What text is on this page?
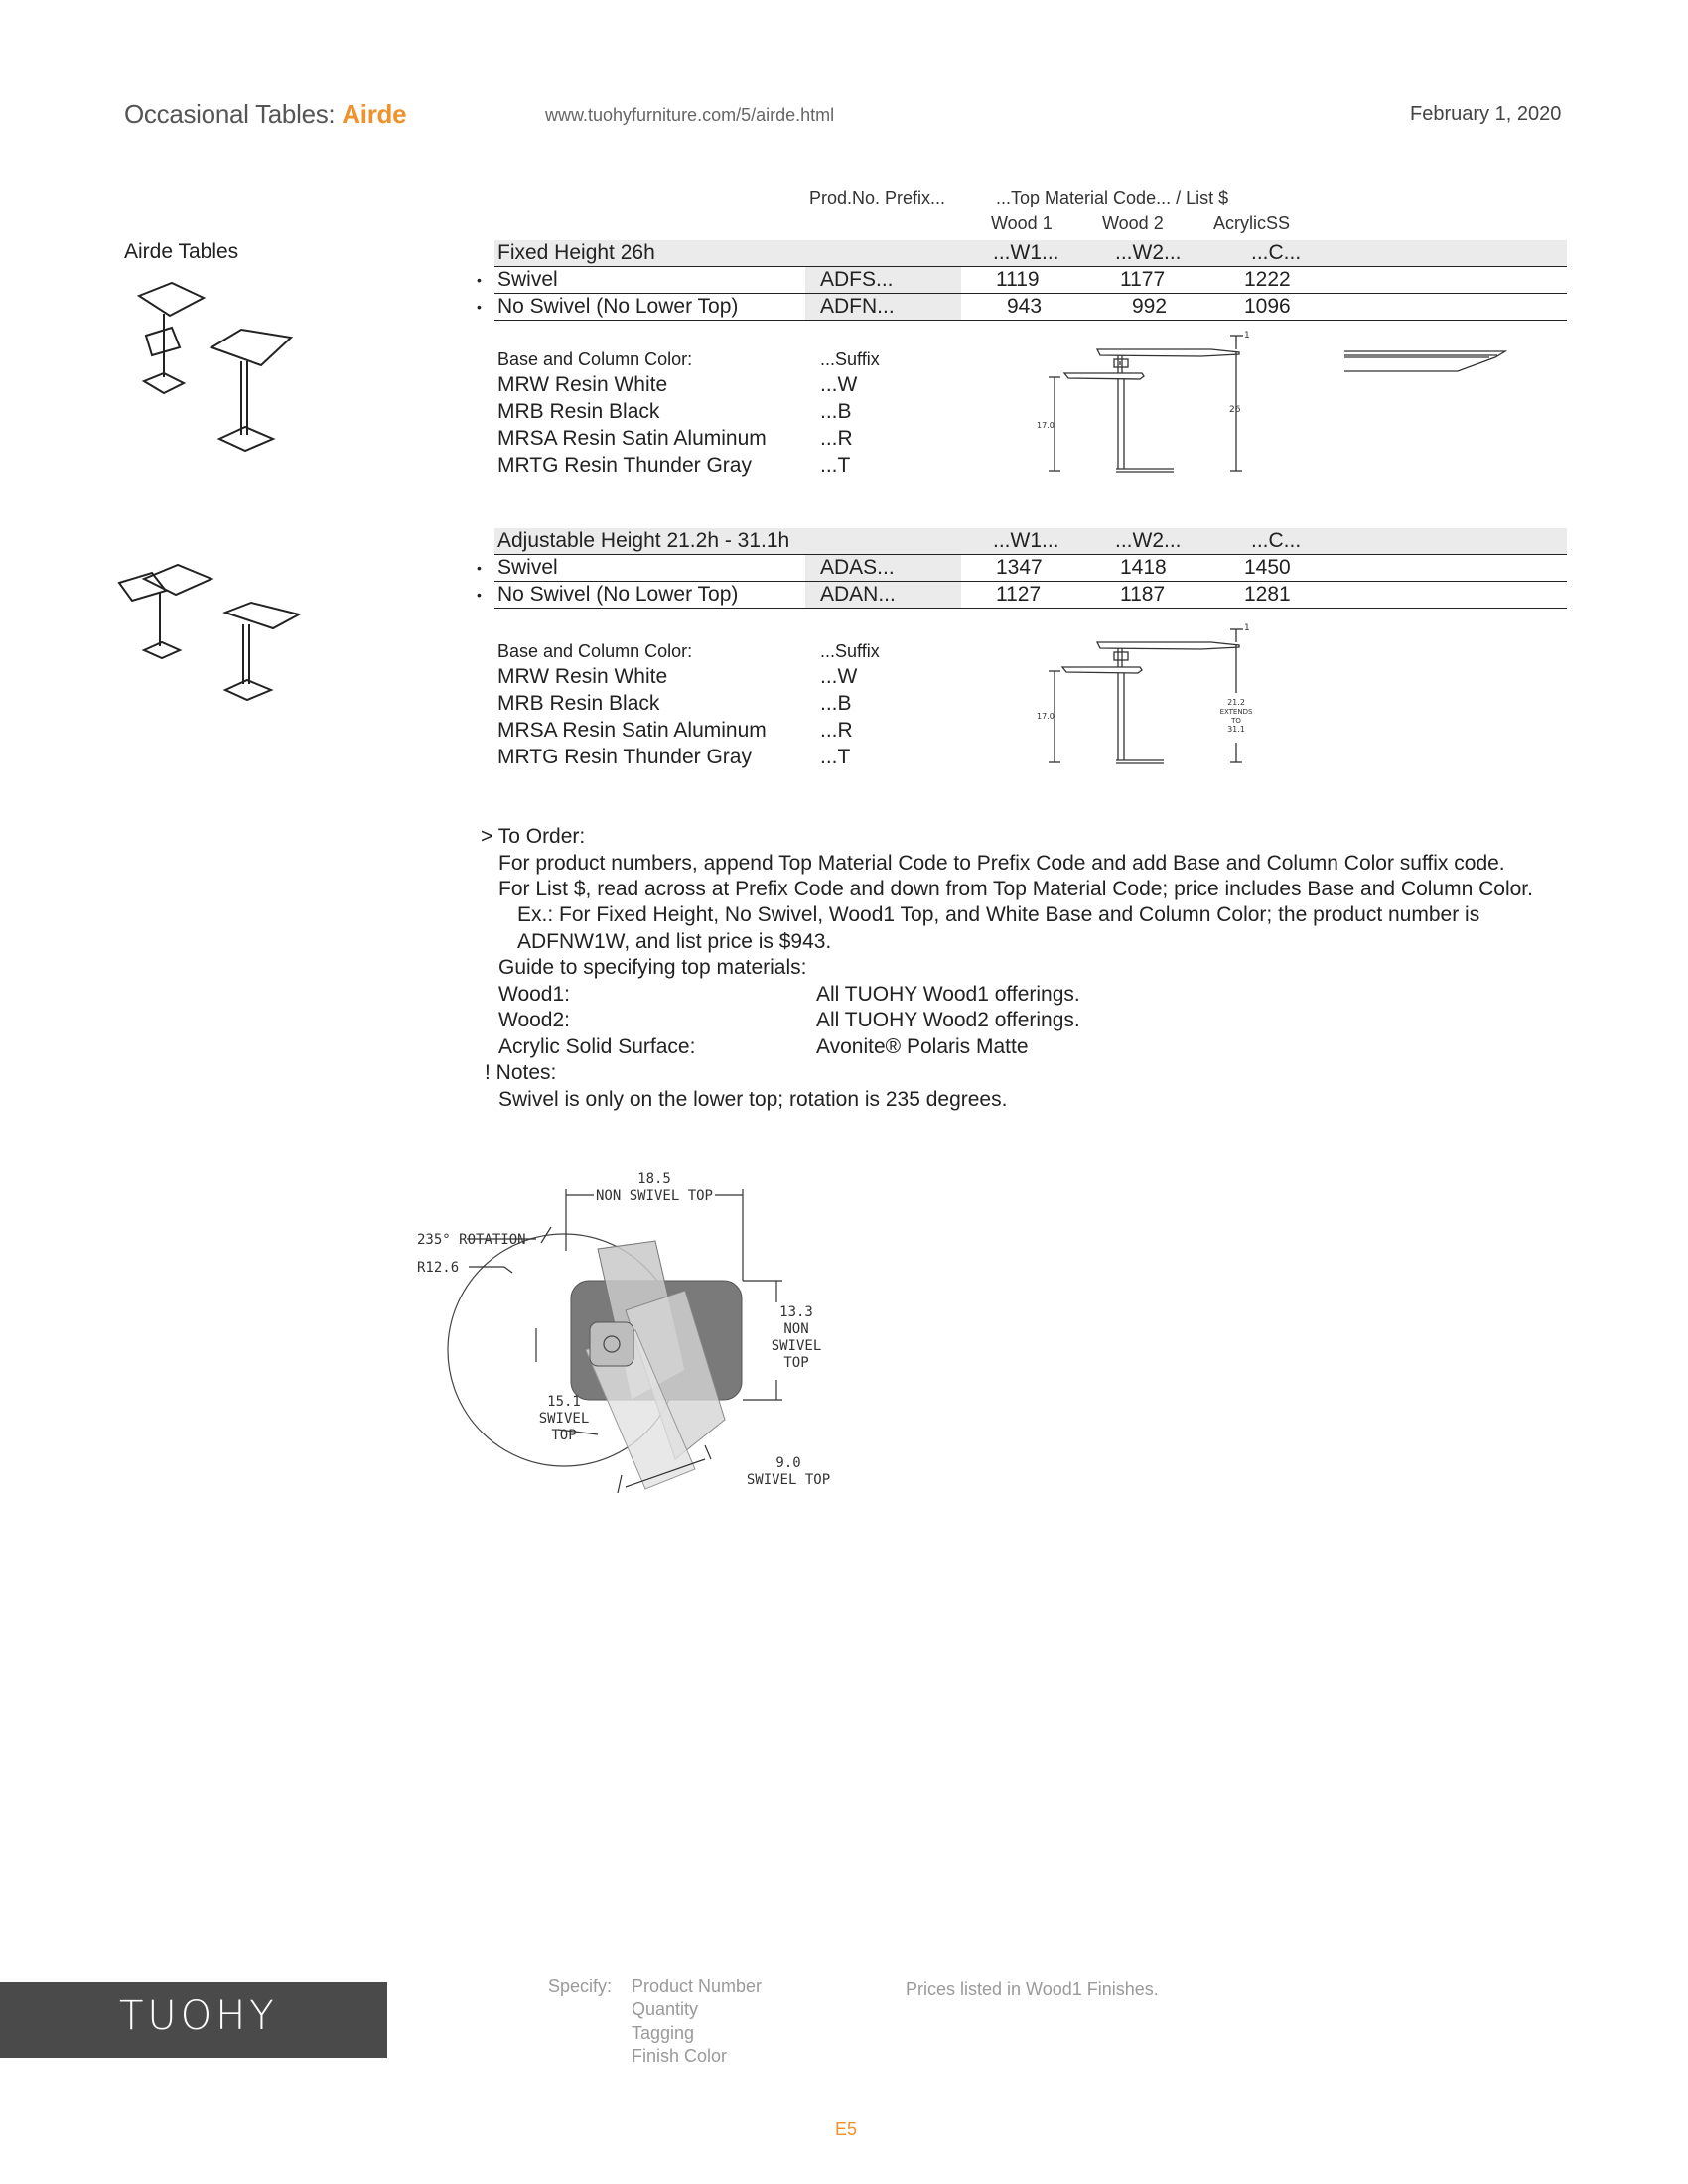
Occasional Tables: Airde	www.tuohyfurniture.com/5/airde.html	February 1, 2020
Prod.No. Prefix...	...Top Material Code... / List $
Wood 1	Wood 2	AcrylicSS
Airde Tables	Fixed Height 26h	...W1...	...W2...	...C...
• Swivel	ADFS...	1119	1177	1222
• No Swivel (No Lower Top)	ADFN...	943	992	1096
Base and Column Color:	...Suffix
MRW Resin White	...W
MRB Resin Black	...B
MRSA Resin Satin Aluminum	...R
MRTG Resin Thunder Gray	...T
1
17.0
26
Adjustable Height 21.2h - 31.1h	...W1...	...W2...	...C...
• Swivel	ADAS...	1347	1418	1450
• No Swivel (No Lower Top)	ADAN...	1127	1187	1281
Base and Column Color:	...Suffix
MRW Resin White	...W
MRB Resin Black	...B
MRSA Resin Satin Aluminum	...R
MRTG Resin Thunder Gray	...T
1
17.0
21.2
EXTENDS
TO
31.1
> To Order:
For product numbers, append Top Material Code to Prefix Code and add Base and Column Color suffix code.
For List $, read across at Prefix Code and down from Top Material Code; price includes Base and Column Color.
Ex.: For Fixed Height, No Swivel, Wood1 Top, and White Base and Column Color; the product number is
ADFNW1W, and list price is $943.
Guide to specifying top materials:
Wood1:	All TUOHY Wood1 offerings.
Wood2:	All TUOHY Wood2 offerings.
Acrylic Solid Surface:	Avonite® Polaris Matte
! Notes:
Swivel is only on the lower top; rotation is 235 degrees.
18.5
NON SWIVEL TOP
235° ROTATION
R12.6
13.3
NON
SWIVEL
TOP
15.1
SWIVEL
TOP
9.0
SWIVEL TOP
TUOHY
Specify: Product Number
Quantity
Tagging
Finish Color
Prices listed in Wood1 Finishes.
E5
